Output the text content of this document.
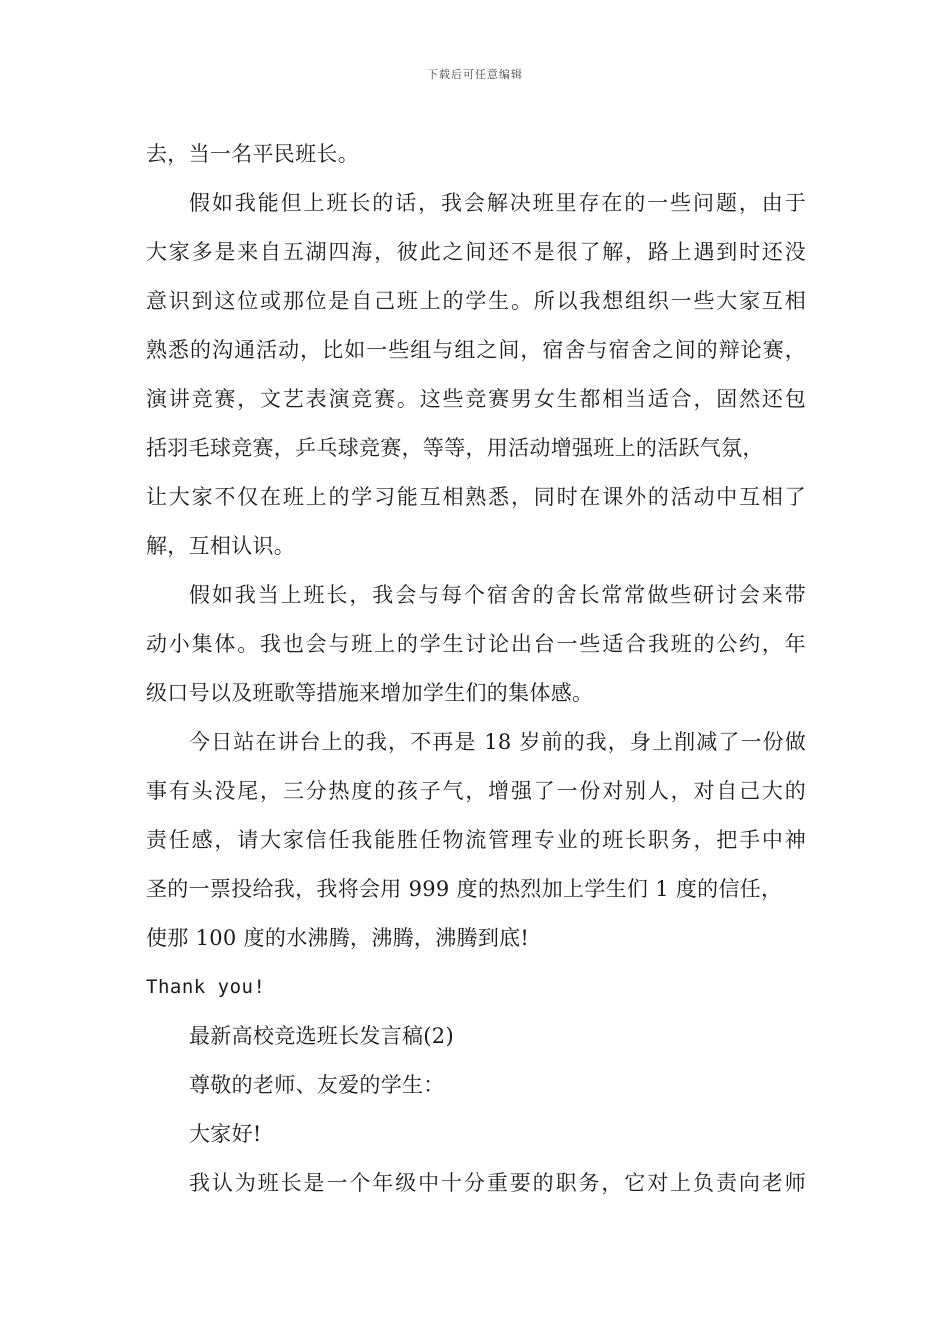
下载后可任意编辑
去，当一名平民班长。
假如我能但上班长的话，我会解决班里存在的一些问题，由于
大家多是来自五湖四海，彼此之间还不是很了解，路上遇到时还没
意识到这位或那位是自己班上的学生。所以我想组织一些大家互相
熟悉的沟通活动，比如一些组与组之间，宿舍与宿舍之间的辩论赛，
演讲竞赛，文艺表演竞赛。这些竞赛男女生都相当适合，固然还包
括羽毛球竞赛，乒乓球竞赛，等等，用活动增强班上的活跃气氛，
让大家不仅在班上的学习能互相熟悉，同时在课外的活动中互相了
解，互相认识。
假如我当上班长，我会与每个宿舍的舍长常常做些研讨会来带
动小集体。我也会与班上的学生讨论出台一些适合我班的公约，年
级口号以及班歌等措施来增加学生们的集体感。
今日站在讲台上的我，不再是 18 岁前的我，身上削减了一份做
事有头没尾，三分热度的孩子气，增强了一份对别人，对自己大的
责任感，请大家信任我能胜任物流管理专业的班长职务，把手中神
圣的一票投给我，我将会用 999 度的热烈加上学生们 1 度的信任，
使那 100 度的水沸腾，沸腾，沸腾到底!
Thank you!
最新高校竞选班长发言稿(2)
尊敬的老师、友爱的学生：
大家好!
我认为班长是一个年级中十分重要的职务，它对上负责向老师
